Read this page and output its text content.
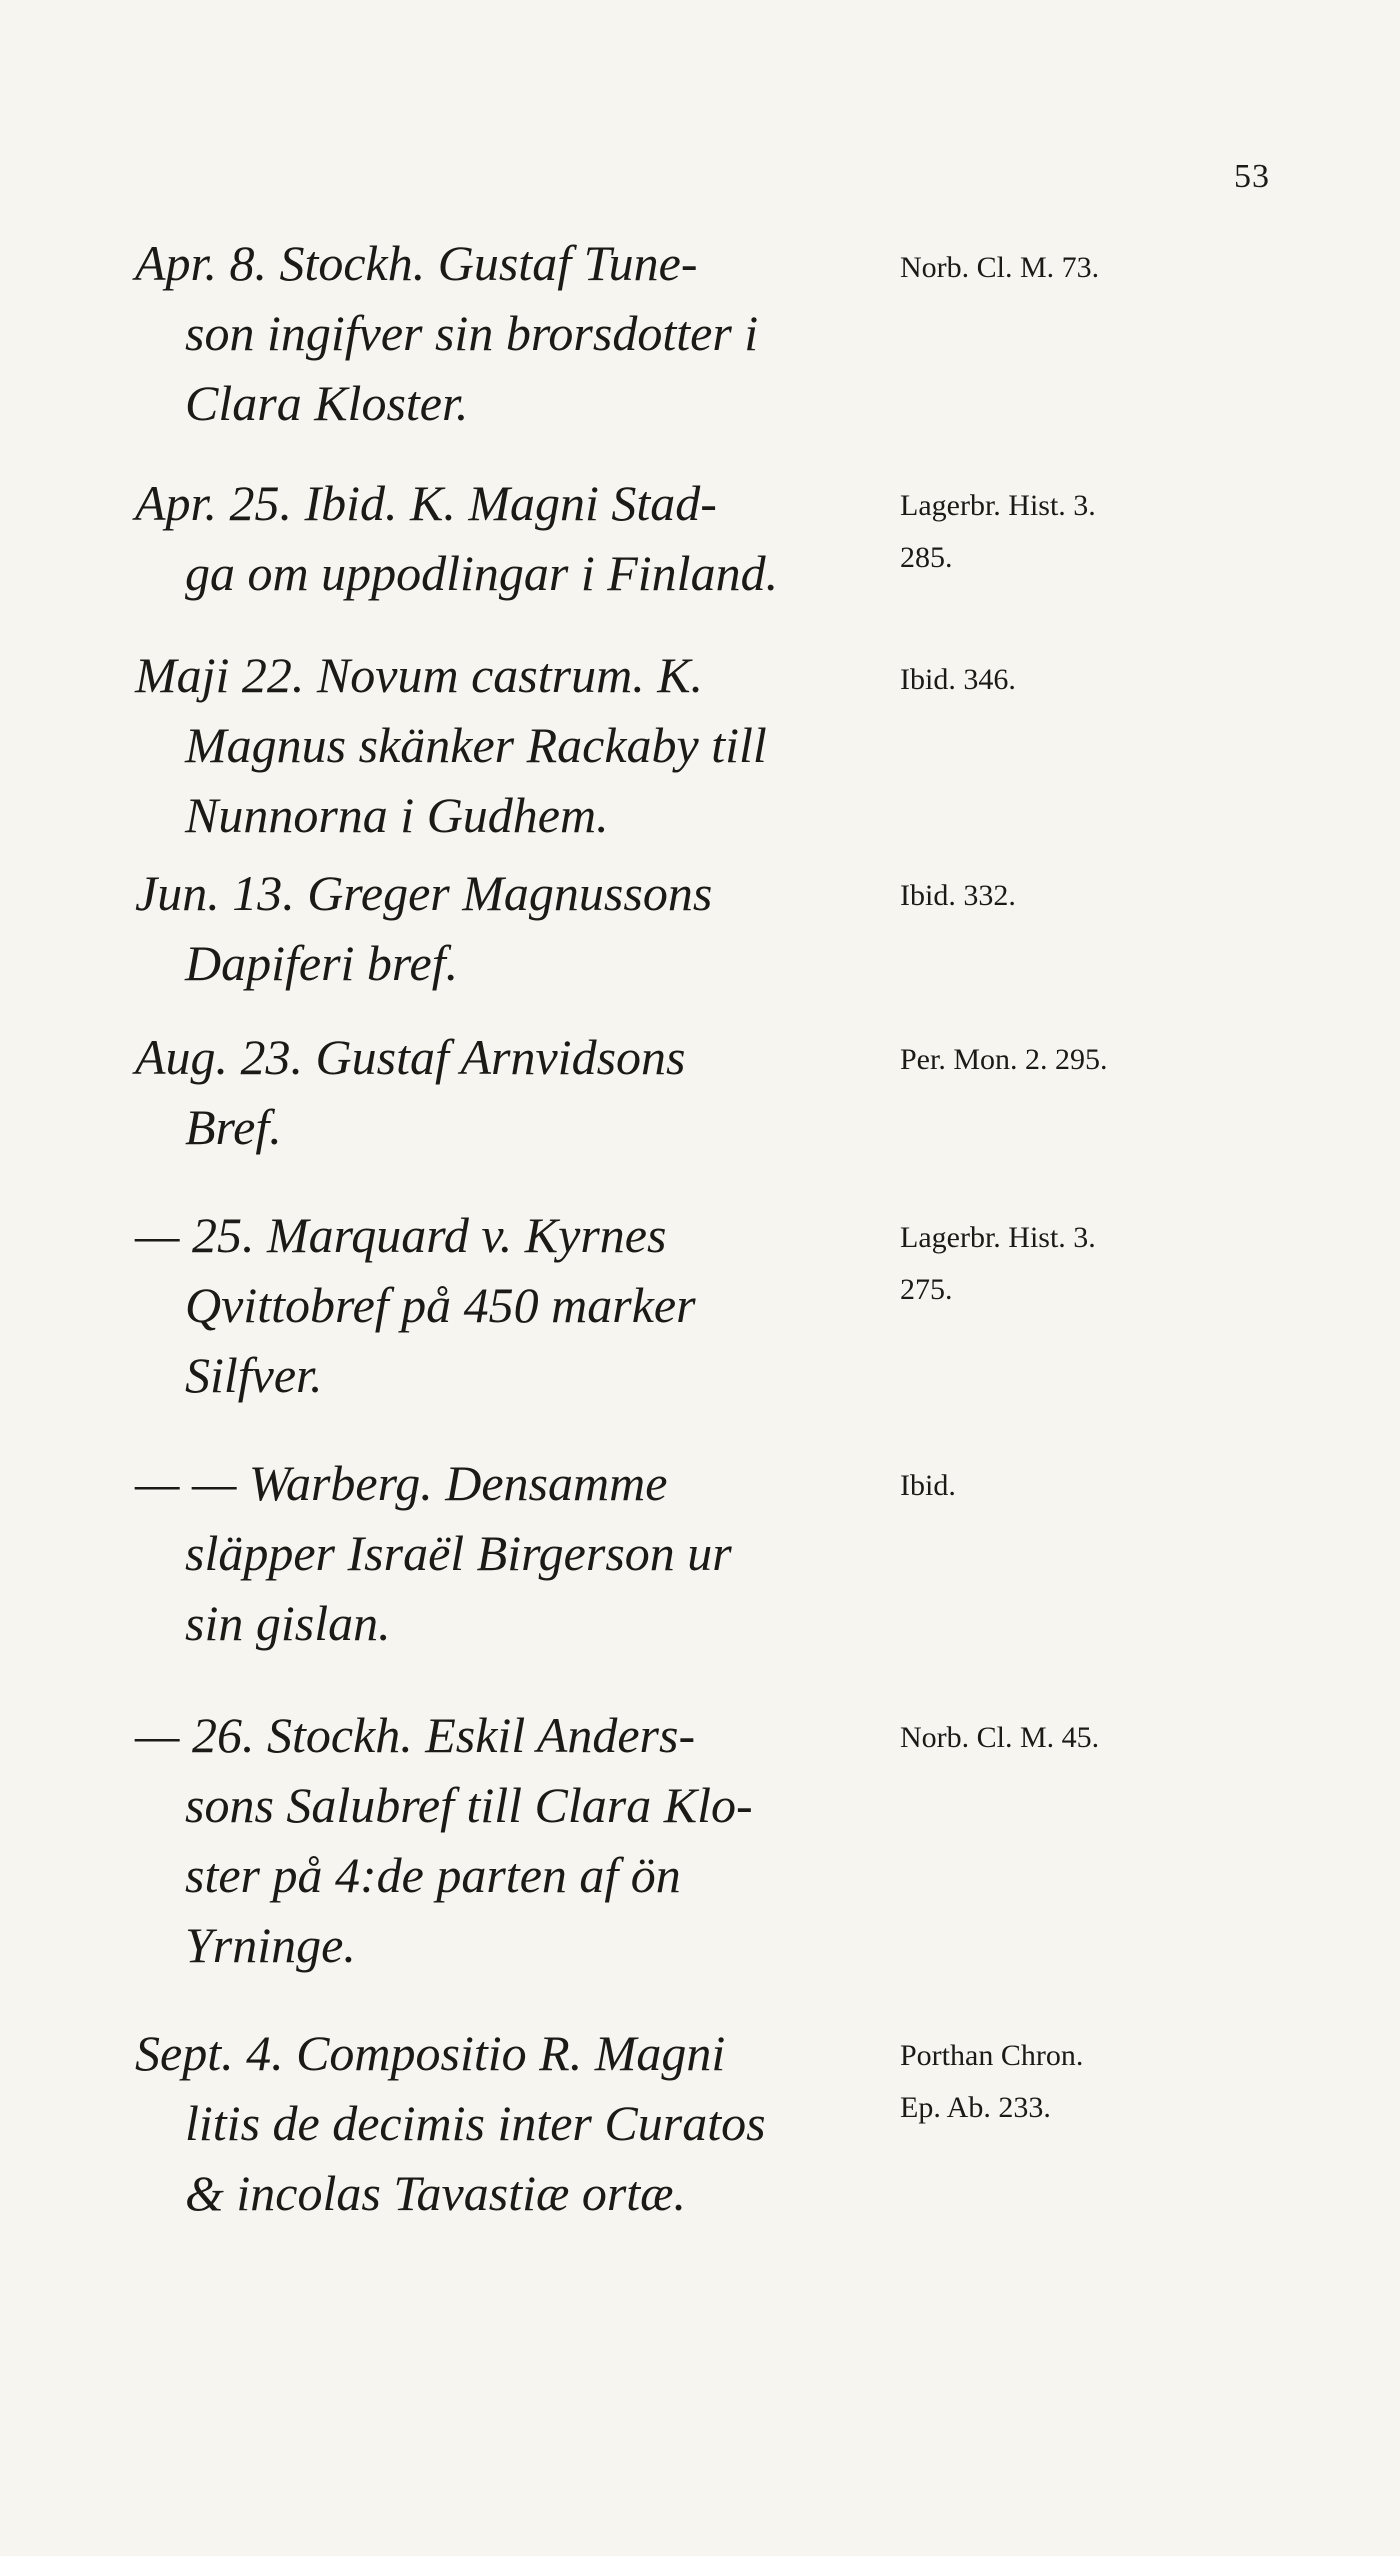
53
Apr. 8. Stockh. Gustaf Tune-
son ingifver sin brorsdotter i
Clara Kloster.
Norb. Cl. M. 73.
Apr. 25. Ibid. K. Magni Stad-
ga om uppodlingar i Finland.
Lagerbr. Hist. 3.
285.
Maji 22. Novum castrum. K.
Magnus skänker Rackaby till
Nunnorna i Gudhem.
Ibid. 346.
Jun. 13. Greger Magnussons
Dapiferi bref.
Ibid. 332.
Aug. 23. Gustaf Arnvidsons
Bref.
Per. Mon. 2. 295.
— 25. Marquard v. Kyrnes
Qvittobref på 450 marker
Silfver.
Lagerbr. Hist. 3.
275.
— — Warberg. Densamme
släpper Israël Birgerson ur
sin gislan.
Ibid.
— 26. Stockh. Eskil Anders-
sons Salubref till Clara Klo-
ster på 4:de parten af ön
Yrninge.
Norb. Cl. M. 45.
Sept. 4. Compositio R. Magni
litis de decimis inter Curatos
& incolas Tavastiæ ortæ.
Porthan Chron.
Ep. Ab. 233.
